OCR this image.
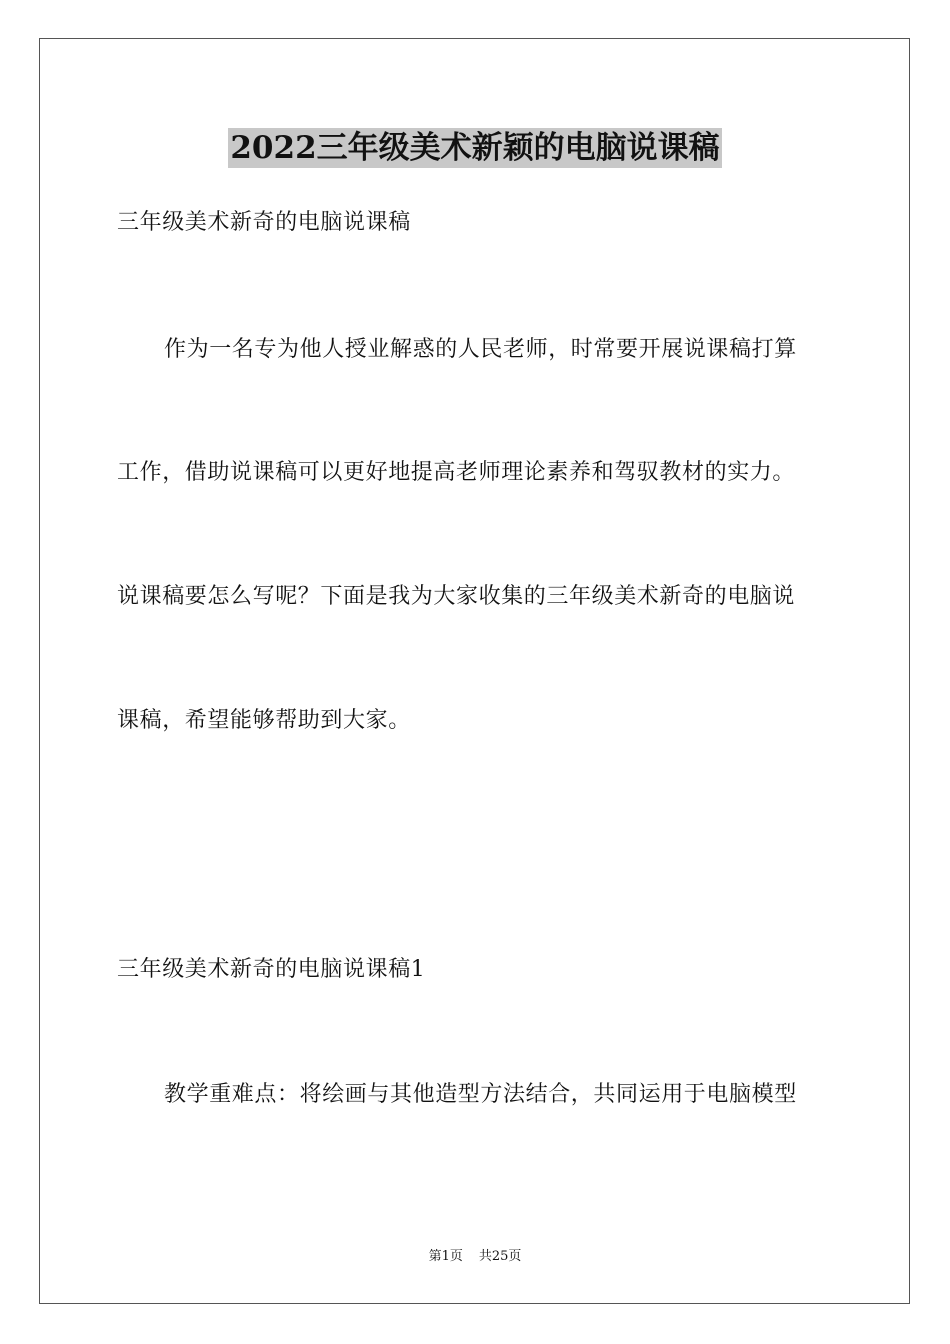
2022三年级美术新颖的电脑说课稿
三年级美术新奇的电脑说课稿
作为一名专为他人授业解惑的人民老师，时常要开展说课稿打算
工作，借助说课稿可以更好地提高老师理论素养和驾驭教材的实力。
说课稿要怎么写呢？下面是我为大家收集的三年级美术新奇的电脑说
课稿，希望能够帮助到大家。
三年级美术新奇的电脑说课稿1
教学重难点：将绘画与其他造型方法结合，共同运用于电脑模型
第1页 共25页
